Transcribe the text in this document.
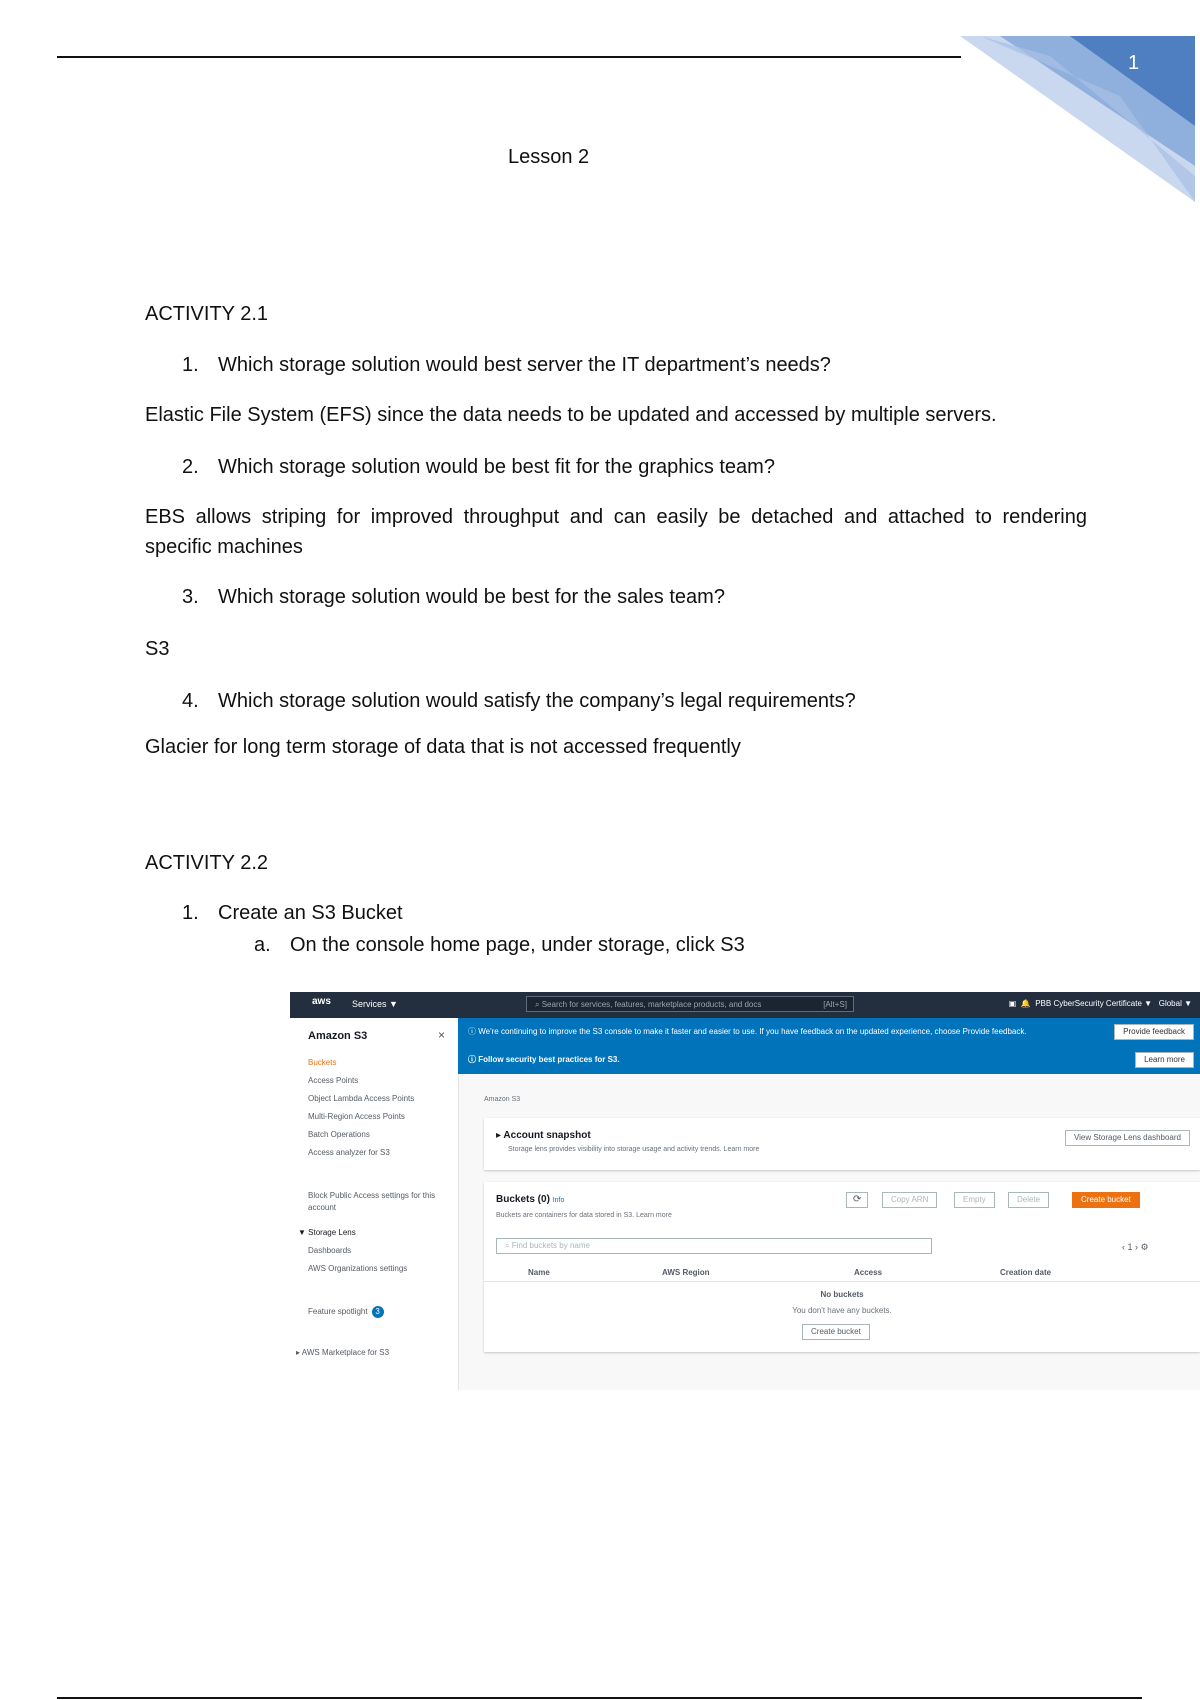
1
Lesson 2
ACTIVITY 2.1
1. Which storage solution would best server the IT department’s needs?
Elastic File System (EFS) since the data needs to be updated and accessed by multiple servers.
2. Which storage solution would be best fit for the graphics team?
EBS allows striping for improved throughput and can easily be detached and attached to rendering specific machines
3. Which storage solution would be best for the sales team?
S3
4. Which storage solution would satisfy the company’s legal requirements?
Glacier for long term storage of data that is not accessed frequently
ACTIVITY 2.2
1. Create an S3 Bucket
a. On the console home page, under storage, click S3
aws Services ▼	⌕ Search for services, features, marketplace products, and docs	[Alt+S]	▣ 🔔 PBB CyberSecurity Certificate ▼ Global ▼
Amazon S3	×
Buckets
Access Points
Object Lambda Access Points
Multi-Region Access Points
Batch Operations
Access analyzer for S3
Block Public Access settings for this account
▼ Storage Lens
Dashboards
AWS Organizations settings
Feature spotlight 3
▸ AWS Marketplace for S3
ⓘ We're continuing to improve the S3 console to make it faster and easier to use. If you have feedback on the updated experience, choose Provide feedback.	Provide feedback
ⓘ Follow security best practices for S3.	Learn more
Amazon S3
▸ Account snapshot
Storage lens provides visibility into storage usage and activity trends. Learn more
View Storage Lens dashboard
Buckets (0) Info
Buckets are containers for data stored in S3. Learn more
⟳	Copy ARN	Empty	Delete	Create bucket
⌕ Find buckets by name	‹ 1 › ⚙
Name	AWS Region	Access	Creation date
No buckets
You don't have any buckets.
Create bucket
